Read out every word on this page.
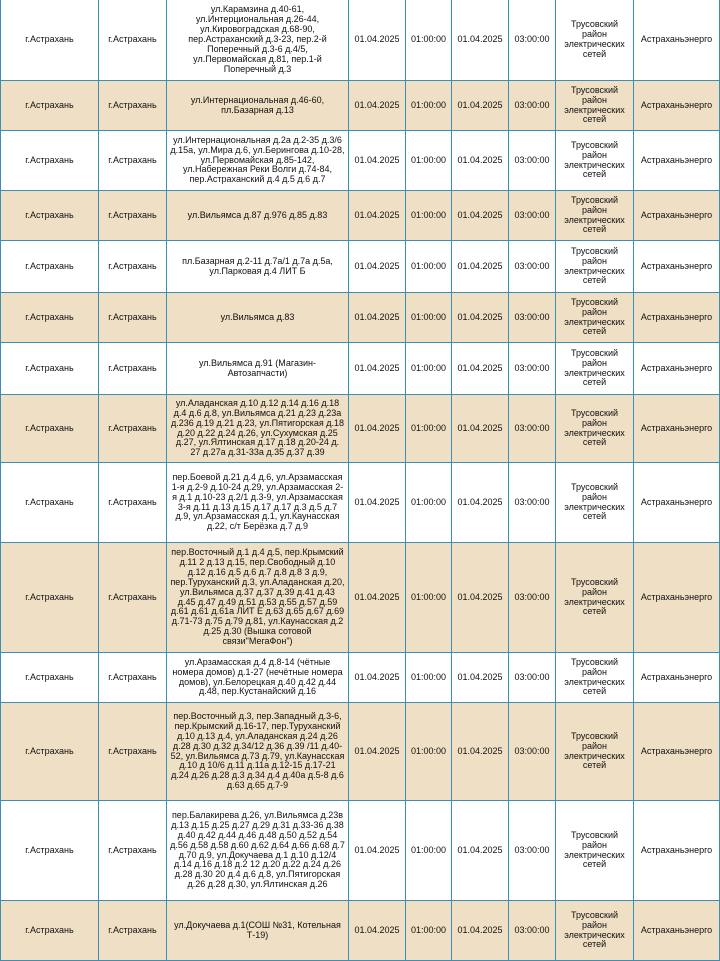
г.Астрахань	г.Астрахань	ул.Карамзина д.40-61, ул.Интерциональная д.26-44, ул.Кировоградская д.68-90, пер.Астраханский д.3-23, пер.2-й Поперечный д.3-6 д.4/5, ул.Первомайская д.81, пер.1-й Поперечный д.3	01.04.2025	01:00:00	01.04.2025	03:00:00	Трусовский район электрических сетей	Астраханьэнерго
г.Астрахань	г.Астрахань	ул.Интернациональная д.46-60, пл.Базарная д.13	01.04.2025	01:00:00	01.04.2025	03:00:00	Трусовский район электрических сетей	Астраханьэнерго
г.Астрахань	г.Астрахань	ул.Интернациональная д.2а д.2-35 д.3/6 д.15а, ул.Мира д.6, ул.Берингова д.10-28, ул.Первомайская д.85-142, ул.Набережная Реки Волги д.74-84, пер.Астраханский д.4 д.5 д.6 д.7	01.04.2025	01:00:00	01.04.2025	03:00:00	Трусовский район электрических сетей	Астраханьэнерго
г.Астрахань	г.Астрахань	ул.Вильямса д.87 д.976 д.85 д.83	01.04.2025	01:00:00	01.04.2025	03:00:00	Трусовский район электрических сетей	Астраханьэнерго
г.Астрахань	г.Астрахань	пл.Базарная д.2-11 д.7а/1 д.7а д.5а, ул.Парковая д.4 ЛИТ Б	01.04.2025	01:00:00	01.04.2025	03:00:00	Трусовский район электрических сетей	Астраханьэнерго
г.Астрахань	г.Астрахань	ул.Вильямса д.83	01.04.2025	01:00:00	01.04.2025	03:00:00	Трусовский район электрических сетей	Астраханьэнерго
г.Астрахань	г.Астрахань	ул.Вильямса д.91 (Магазин-Автозапчасти)	01.04.2025	01:00:00	01.04.2025	03:00:00	Трусовский район электрических сетей	Астраханьэнерго
г.Астрахань	г.Астрахань	ул.Аладанская д.10 д.12 д.14 д.16 д.18 д.4 д.6 д.8, ул.Вильямса д.21 д.23 д.23а д.236 д.19 д.21 д.23, ул.Пятигорская д.18 д.20 д.22 д.24 д.26, ул.Сухумская д.25 д.27, ул.Ялтинская д.17 д.18 д.20-24 д. 27 д.27а д.31-33а д.35 д.37 д.39	01.04.2025	01:00:00	01.04.2025	03:00:00	Трусовский район электрических сетей	Астраханьэнерго
г.Астрахань	г.Астрахань	пер.Боевой д.21 д.4 д.6, ул.Арзамасская 1-я д.2-9 д.10-24 д.29, ул.Арзамасская 2-я д.1 д.10-23 д.2/1 д.3-9, ул.Арзамасская 3-я д.11 д.13 д.15 д.17 д.17 д.3 д.5 д.7 д.9, ул.Арзамасская д.1, ул.Каунасская д.22, с/т Берёзка д.7 д.9	01.04.2025	01:00:00	01.04.2025	03:00:00	Трусовский район электрических сетей	Астраханьэнерго
г.Астрахань	г.Астрахань	пер.Восточный д.1 д.4 д.5, пер.Крымский д.11 2 д.13 д.15, пер.Свободный д.10 д.12 д.16 д.5 д.6 д.7 д.8 д.8 3 д.9, пер.Туруханский д.3, ул.Аладанская д.20, ул.Вильямса д.37 д.37 д.39 д.41 д.43 д.45 д.47 д.49 д.51 д.53 д.55 д.57 д.59 д.61 д.61 д.61а ЛИТ Е д.63 д.65 д.67 д.69 д.71-73 д.75 д.79 д.81, ул.Каунасская д.2 д.25 д.30 (Вышка сотовой связи"МегаФон")	01.04.2025	01:00:00	01.04.2025	03:00:00	Трусовский район электрических сетей	Астраханьэнерго
г.Астрахань	г.Астрахань	ул.Арзамасская д.4 д.8-14 (чётные номера домов) д.1-27 (нечётные номера домов), ул.Белорецкая д.40 д.42 д.44 д.48, пер.Кустанайский д.16	01.04.2025	01:00:00	01.04.2025	03:00:00	Трусовский район электрических сетей	Астраханьэнерго
г.Астрахань	г.Астрахань	пер.Восточный д.3, пер.Западный д.3-6, пер.Крымский д.16-17, пер.Туруханский д.10 д.13 д.4, ул.Аладанская д.24 д.26 д.28 д.30 д.32 д.34/12 д.36 д.39 /11 д.40-52, ул.Вильямса д.73 д.79, ул.Каунасская д.10 д 10/6 д.11 д.11а д.12-15 д.17-21 д.24 д.26 д.28 д.3 д.34 д.4 д.40а д.5-8 д.6 д.63 д.65 д.7-9	01.04.2025	01:00:00	01.04.2025	03:00:00	Трусовский район электрических сетей	Астраханьэнерго
г.Астрахань	г.Астрахань	пер.Балакирева д.26, ул.Вильямса д.23в д.13 д.15 д.25 д.27 д.29 д.31 д.33-36 д.38 д.40 д.42 д.44 д.46 д.48 д.50 д.52 д.54 д.56 д.58 д.58 д.60 д.62 д.64 д.66 д.68 д.7 д.70 д.9, ул.Докучаева д.1 д.10 д.12/4 д.14 д.16 д.18 д.2 12 д.20 д.22 д.24 д.26 д.28 д.30 20 д.4 д.6 д.8, ул.Пятигорская д.26 д.28 д.30, ул.Ялтинская д.26	01.04.2025	01:00:00	01.04.2025	03:00:00	Трусовский район электрических сетей	Астраханьэнерго
г.Астрахань	г.Астрахань	ул.Докучаева д.1(СОШ №31, Котельная Т-19)	01.04.2025	01:00:00	01.04.2025	03:00:00	Трусовский район электрических сетей	Астраханьэнерго
